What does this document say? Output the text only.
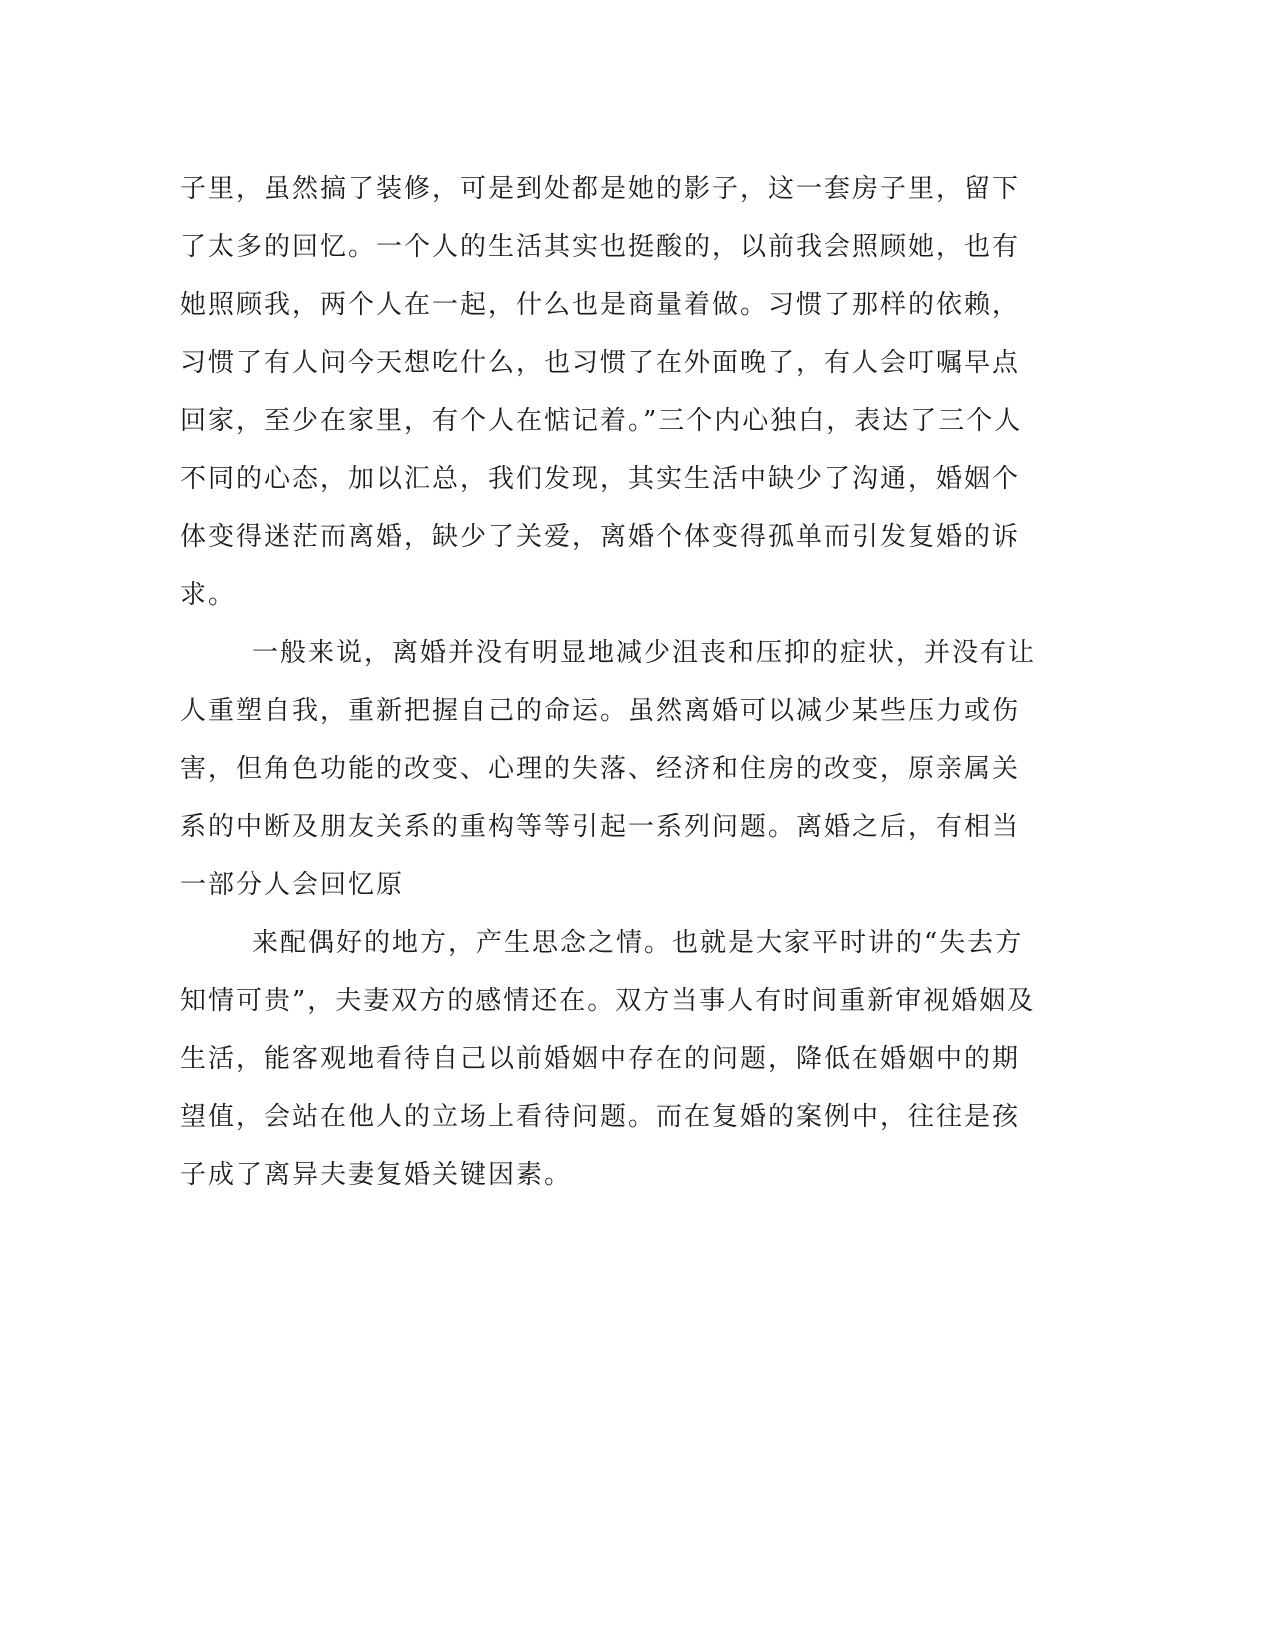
子里，虽然搞了装修，可是到处都是她的影子，这一套房子里，留下
了太多的回忆。一个人的生活其实也挺酸的，以前我会照顾她，也有
她照顾我，两个人在一起，什么也是商量着做。习惯了那样的依赖，
习惯了有人问今天想吃什么，也习惯了在外面晚了，有人会叮嘱早点
回家，至少在家里，有个人在惦记着。”三个内心独白，表达了三个人
不同的心态，加以汇总，我们发现，其实生活中缺少了沟通，婚姻个
体变得迷茫而离婚，缺少了关爱，离婚个体变得孤单而引发复婚的诉
求。
一般来说，离婚并没有明显地减少沮丧和压抑的症状，并没有让
人重塑自我，重新把握自己的命运。虽然离婚可以减少某些压力或伤
害，但角色功能的改变、心理的失落、经济和住房的改变，原亲属关
系的中断及朋友关系的重构等等引起一系列问题。离婚之后，有相当
一部分人会回忆原
来配偶好的地方，产生思念之情。也就是大家平时讲的“失去方
知情可贵”，夫妻双方的感情还在。双方当事人有时间重新审视婚姻及
生活，能客观地看待自己以前婚姻中存在的问题，降低在婚姻中的期
望值，会站在他人的立场上看待问题。而在复婚的案例中，往往是孩
子成了离异夫妻复婚关键因素。
